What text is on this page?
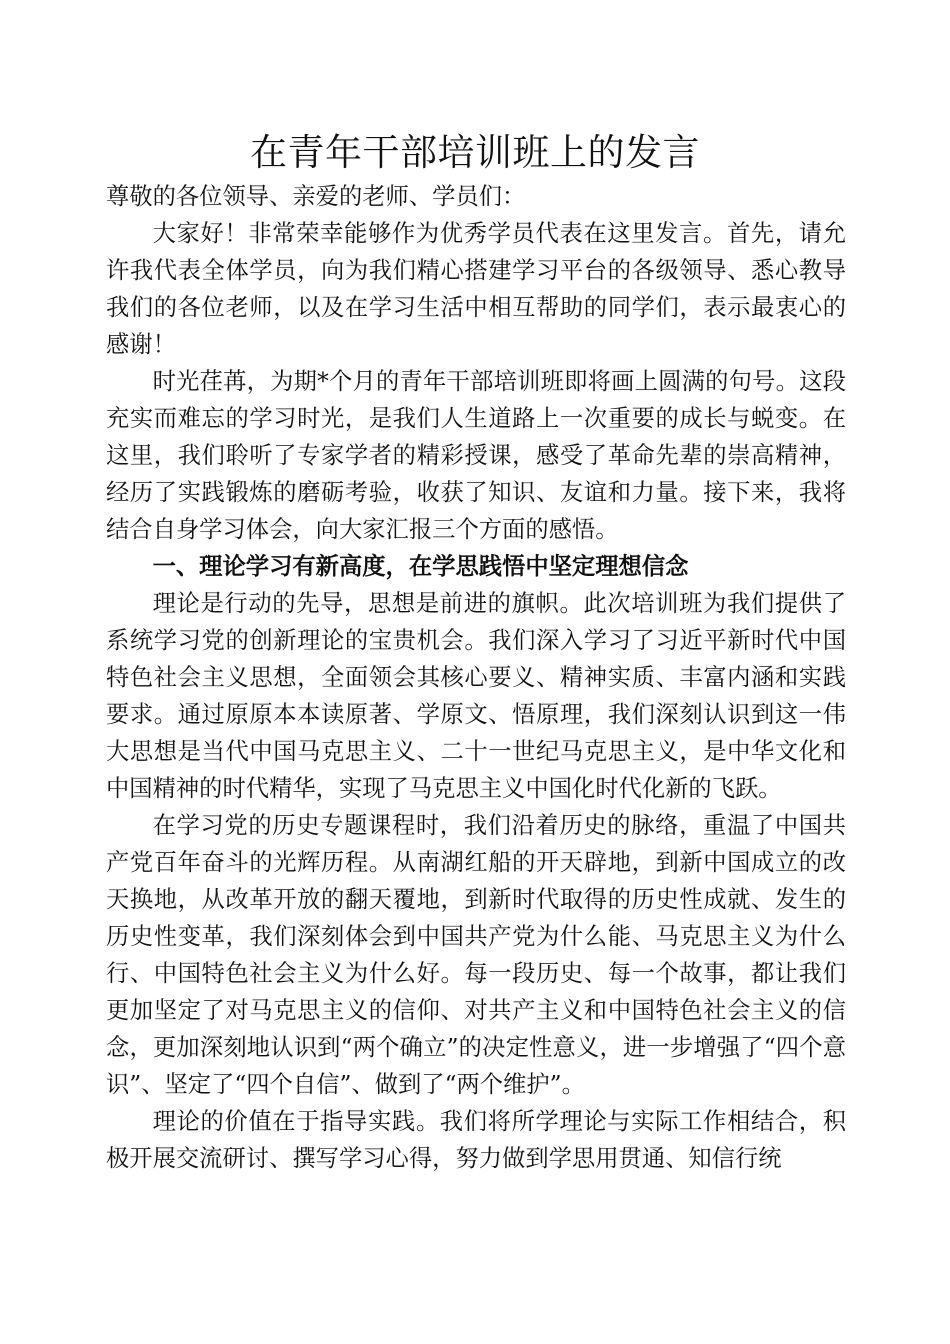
在青年干部培训班上的发言

尊敬的各位领导、亲爱的老师、学员们：

大家好！非常荣幸能够作为优秀学员代表在这里发言。首先，请允许我代表全体学员，向为我们精心搭建学习平台的各级领导、悉心教导我们的各位老师，以及在学习生活中相互帮助的同学们，表示最衷心的感谢！

时光荏苒，为期*个月的青年干部培训班即将画上圆满的句号。这段充实而难忘的学习时光，是我们人生道路上一次重要的成长与蜕变。在这里，我们聆听了专家学者的精彩授课，感受了革命先辈的崇高精神，经历了实践锻炼的磨砺考验，收获了知识、友谊和力量。接下来，我将结合自身学习体会，向大家汇报三个方面的感悟。

一、理论学习有新高度，在学思践悟中坚定理想信念

理论是行动的先导，思想是前进的旗帜。此次培训班为我们提供了系统学习党的创新理论的宝贵机会。我们深入学习了习近平新时代中国特色社会主义思想，全面领会其核心要义、精神实质、丰富内涵和实践要求。通过原原本本读原著、学原文、悟原理，我们深刻认识到这一伟大思想是当代中国马克思主义、二十一世纪马克思主义，是中华文化和中国精神的时代精华，实现了马克思主义中国化时代化新的飞跃。

在学习党的历史专题课程时，我们沿着历史的脉络，重温了中国共产党百年奋斗的光辉历程。从南湖红船的开天辟地，到新中国成立的改天换地，从改革开放的翻天覆地，到新时代取得的历史性成就、发生的历史性变革，我们深刻体会到中国共产党为什么能、马克思主义为什么行、中国特色社会主义为什么好。每一段历史、每一个故事，都让我们更加坚定了对马克思主义的信仰、对共产主义和中国特色社会主义的信念，更加深刻地认识到“两个确立”的决定性意义，进一步增强了“四个意识”、坚定了“四个自信”、做到了“两个维护”。

理论的价值在于指导实践。我们将所学理论与实际工作相结合，积极开展交流研讨、撰写学习心得，努力做到学思用贯通、知信行统
